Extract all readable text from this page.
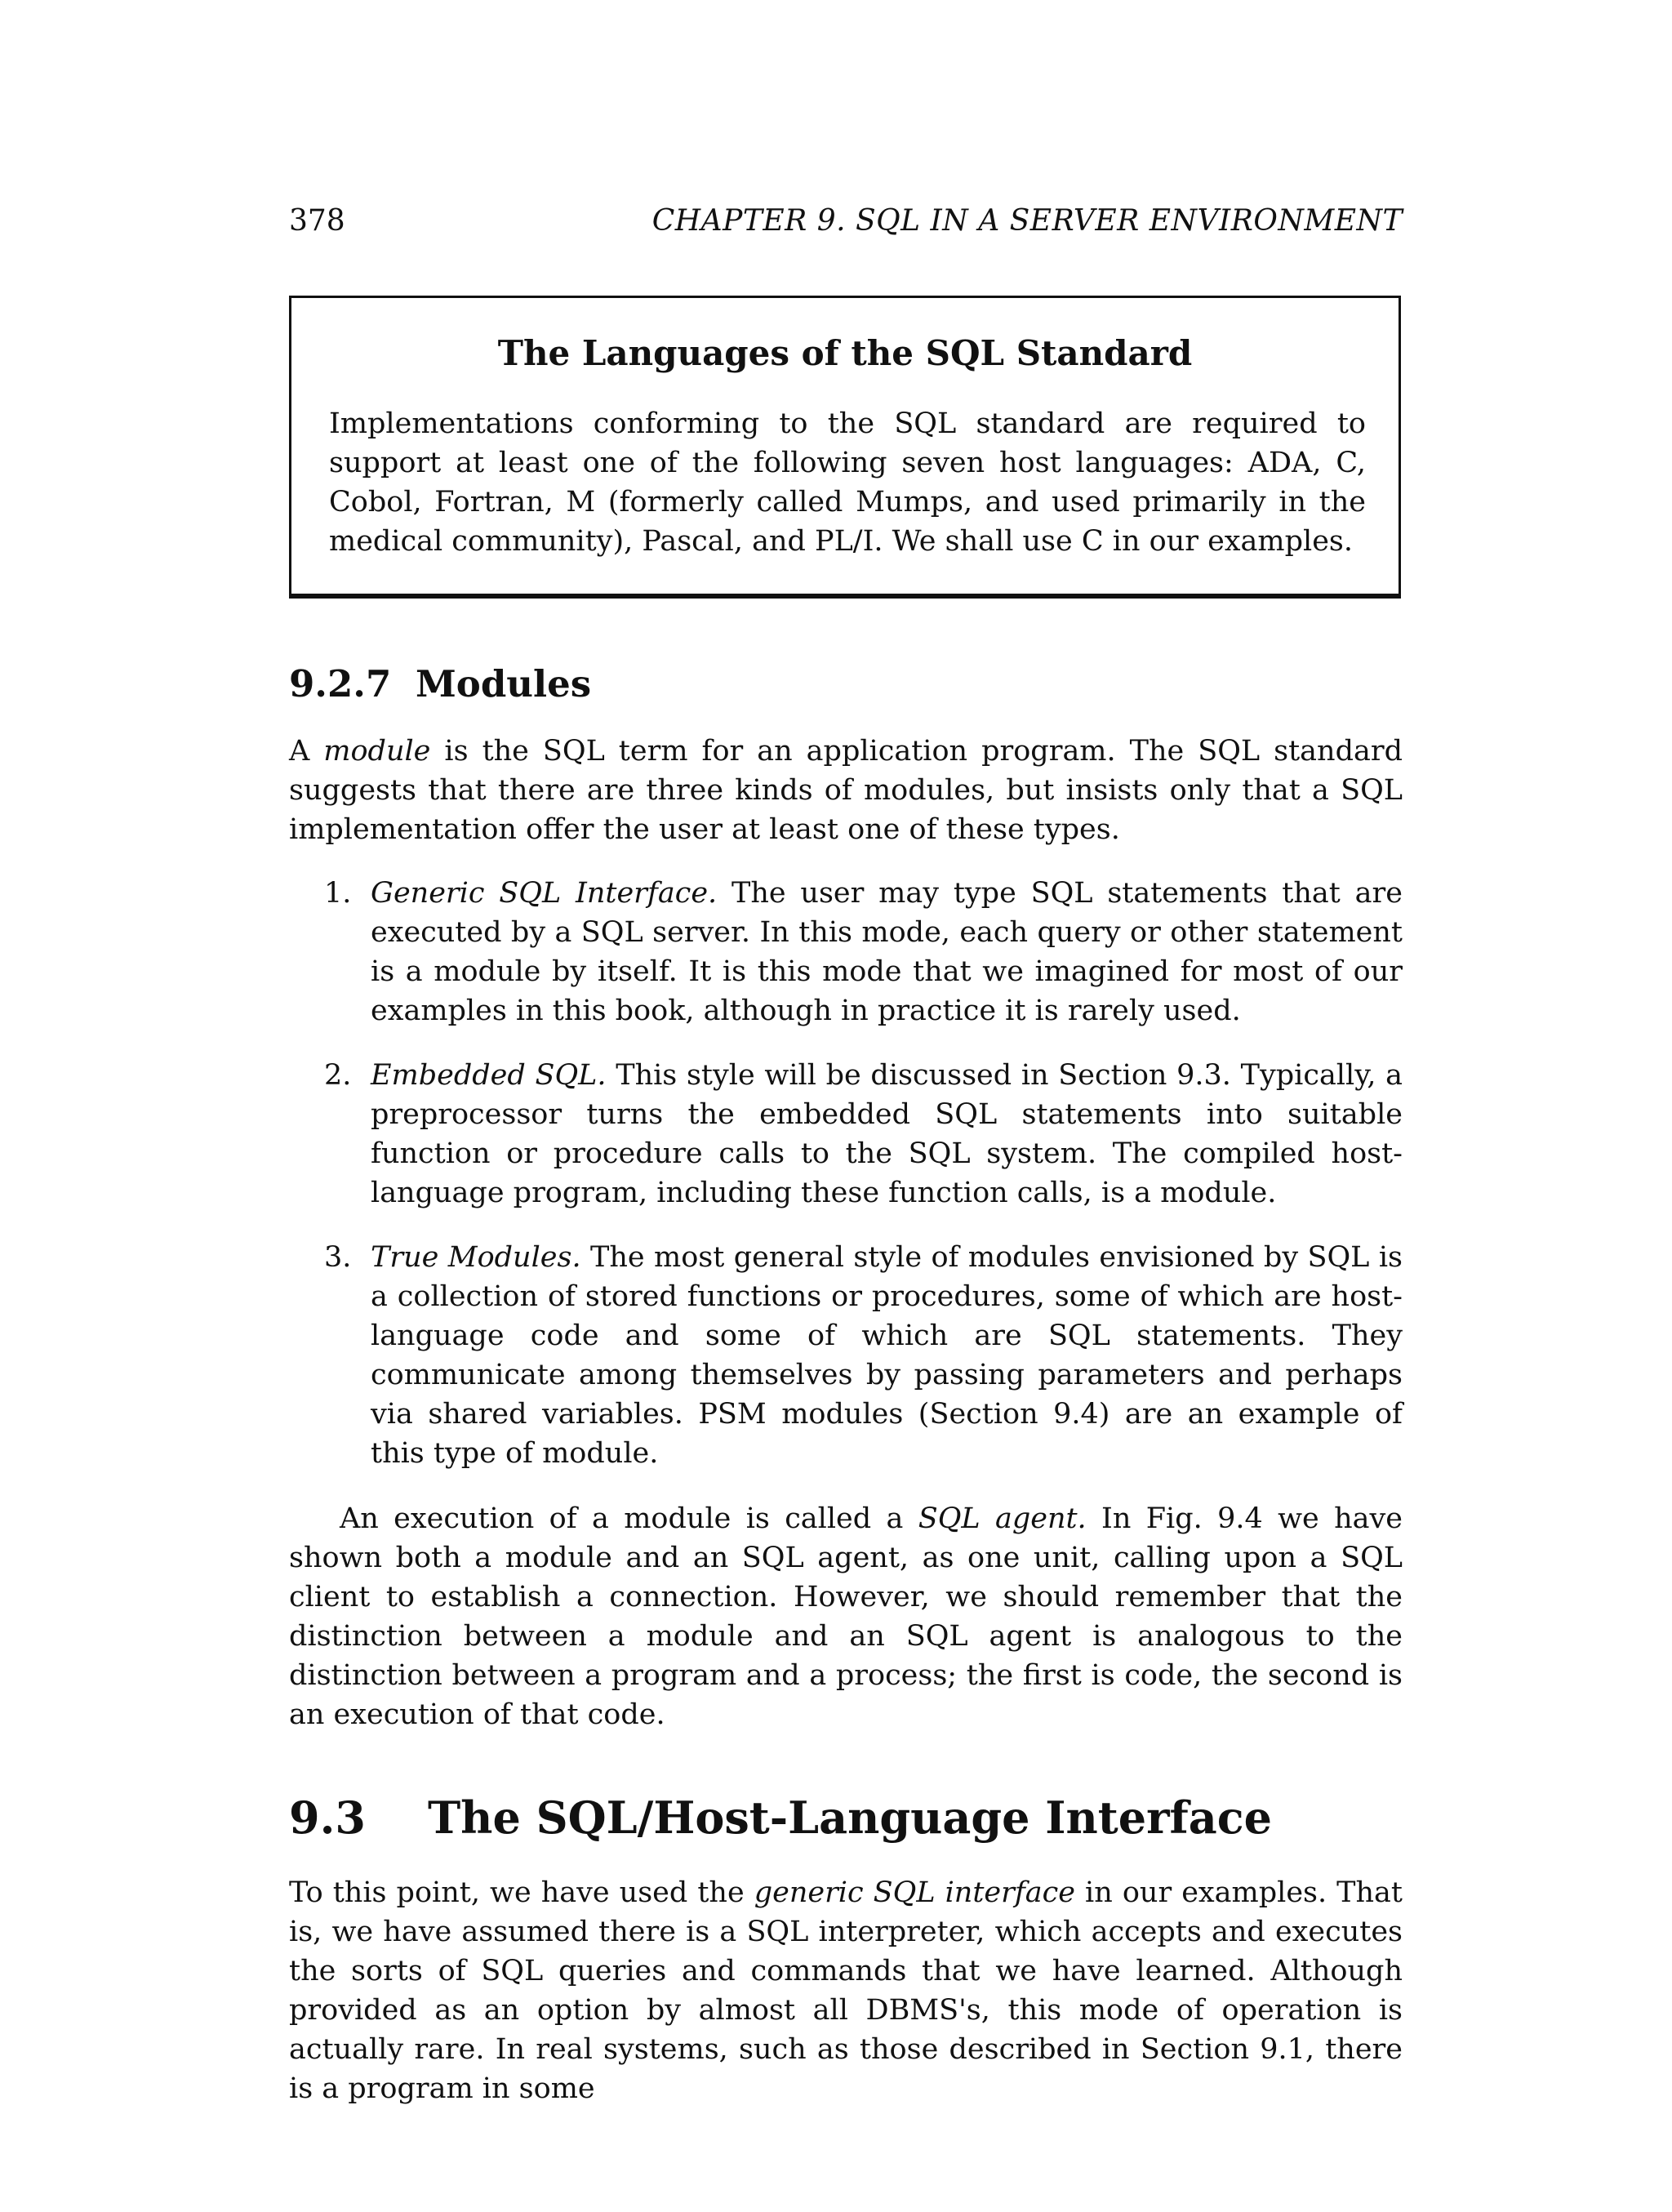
378	CHAPTER 9. SQL IN A SERVER ENVIRONMENT
The Languages of the SQL Standard
Implementations conforming to the SQL standard are required to support at least one of the following seven host languages: ADA, C, Cobol, Fortran, M (formerly called Mumps, and used primarily in the medical community), Pascal, and PL/I. We shall use C in our examples.
9.2.7 Modules
A module is the SQL term for an application program. The SQL standard suggests that there are three kinds of modules, but insists only that a SQL implementation offer the user at least one of these types.
1. Generic SQL Interface. The user may type SQL statements that are executed by a SQL server. In this mode, each query or other statement is a module by itself. It is this mode that we imagined for most of our examples in this book, although in practice it is rarely used.
2. Embedded SQL. This style will be discussed in Section 9.3. Typically, a preprocessor turns the embedded SQL statements into suitable function or procedure calls to the SQL system. The compiled host-language program, including these function calls, is a module.
3. True Modules. The most general style of modules envisioned by SQL is a collection of stored functions or procedures, some of which are host-language code and some of which are SQL statements. They communicate among themselves by passing parameters and perhaps via shared variables. PSM modules (Section 9.4) are an example of this type of module.
An execution of a module is called a SQL agent. In Fig. 9.4 we have shown both a module and an SQL agent, as one unit, calling upon a SQL client to establish a connection. However, we should remember that the distinction between a module and an SQL agent is analogous to the distinction between a program and a process; the first is code, the second is an execution of that code.
9.3 The SQL/Host-Language Interface
To this point, we have used the generic SQL interface in our examples. That is, we have assumed there is a SQL interpreter, which accepts and executes the sorts of SQL queries and commands that we have learned. Although provided as an option by almost all DBMS's, this mode of operation is actually rare. In real systems, such as those described in Section 9.1, there is a program in some
